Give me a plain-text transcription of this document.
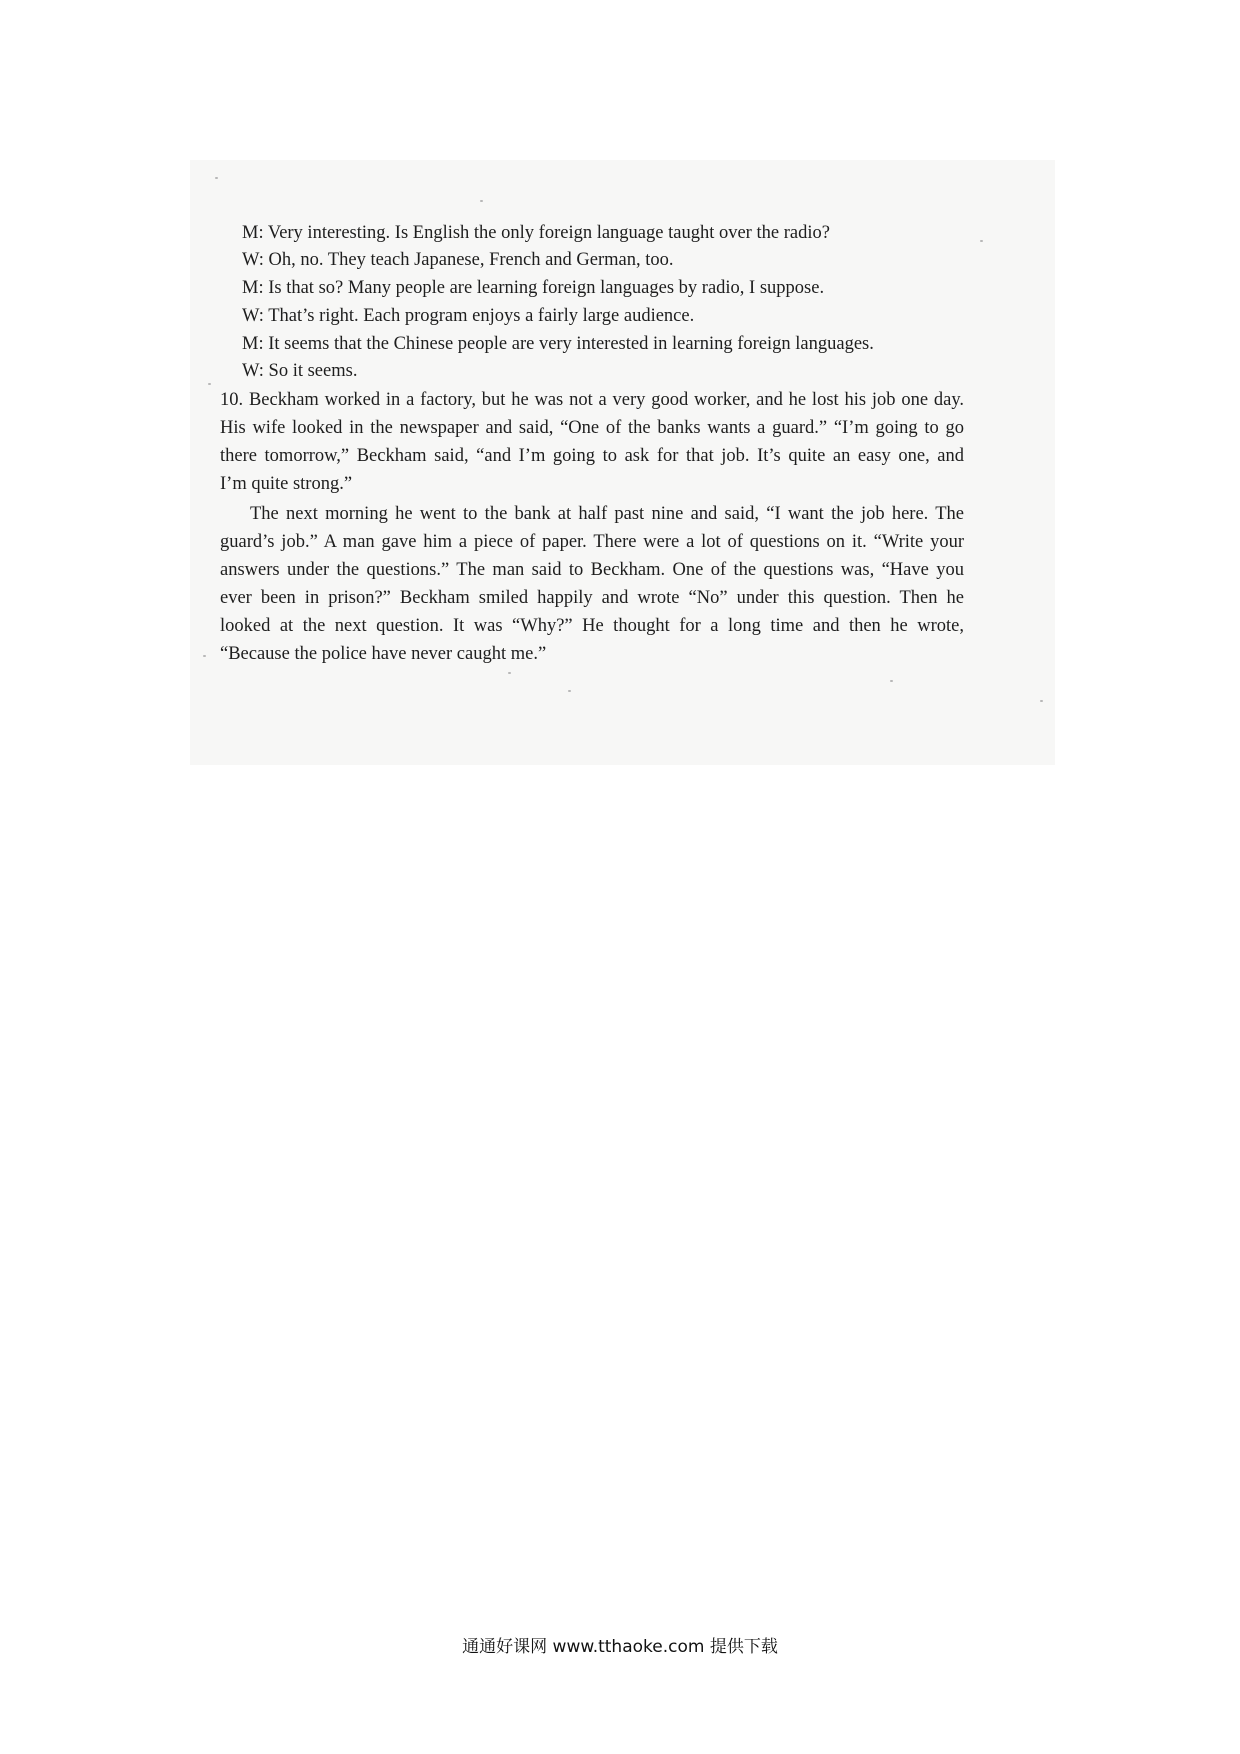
M: Very interesting. Is English the only foreign language taught over the radio?
W: Oh, no. They teach Japanese, French and German, too.
M: Is that so? Many people are learning foreign languages by radio, I suppose.
W: That’s right. Each program enjoys a fairly large audience.
M: It seems that the Chinese people are very interested in learning foreign languages.
W: So it seems.
10. Beckham worked in a factory, but he was not a very good worker, and he lost his job one day.
His wife looked in the newspaper and said, “One of the banks wants a guard.” “I’m going to go
there tomorrow,” Beckham said, “and I’m going to ask for that job. It’s quite an easy one, and
I’m quite strong.”
The next morning he went to the bank at half past nine and said, “I want the job here. The
guard’s job.” A man gave him a piece of paper. There were a lot of questions on it. “Write your
answers under the questions.” The man said to Beckham. One of the questions was, “Have you
ever been in prison?” Beckham smiled happily and wrote “No” under this question. Then he
looked at the next question. It was “Why?” He thought for a long time and then he wrote,
“Because the police have never caught me.”
通通好课网 www.tthaoke.com 提供下载
